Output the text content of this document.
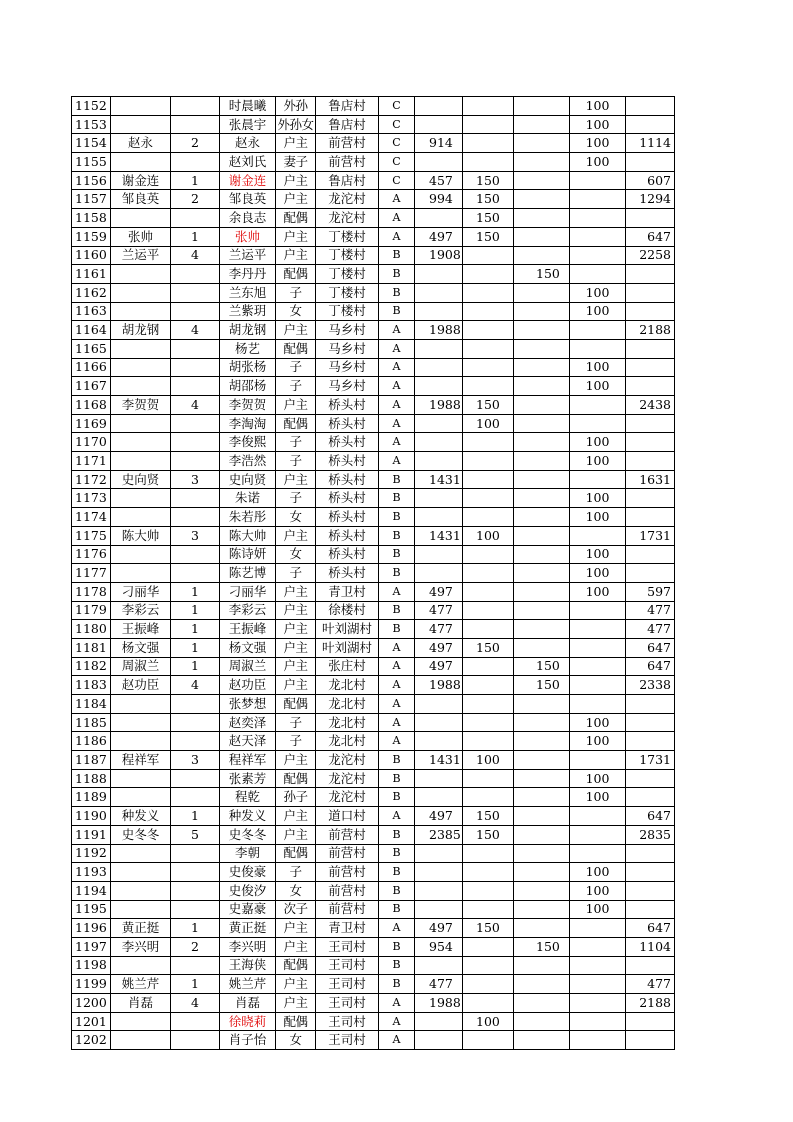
1152			时晨曦	外孙	鲁店村	C				100	
1153			张晨宇	外孙女	鲁店村	C				100	
1154	赵永	2	赵永	户主	前营村	C	914			100	1114
1155			赵刘氏	妻子	前营村	C				100	
1156	谢金连	1	谢金连	户主	鲁店村	C	457	150			607
1157	邹良英	2	邹良英	户主	龙沱村	A	994	150			1294
1158			余良志	配偶	龙沱村	A		150			
1159	张帅	1	张帅	户主	丁楼村	A	497	150			647
1160	兰运平	4	兰运平	户主	丁楼村	B	1908				2258
1161			李丹丹	配偶	丁楼村	B			150		
1162			兰东旭	子	丁楼村	B				100	
1163			兰紫玥	女	丁楼村	B				100	
1164	胡龙钢	4	胡龙钢	户主	马乡村	A	1988				2188
1165			杨艺	配偶	马乡村	A					
1166			胡张杨	子	马乡村	A				100	
1167			胡邵杨	子	马乡村	A				100	
1168	李贺贺	4	李贺贺	户主	桥头村	A	1988	150			2438
1169			李淘淘	配偶	桥头村	A		100			
1170			李俊熙	子	桥头村	A				100	
1171			李浩然	子	桥头村	A				100	
1172	史向贤	3	史向贤	户主	桥头村	B	1431				1631
1173			朱诺	子	桥头村	B				100	
1174			朱若彤	女	桥头村	B				100	
1175	陈大帅	3	陈大帅	户主	桥头村	B	1431	100			1731
1176			陈诗妍	女	桥头村	B				100	
1177			陈艺博	子	桥头村	B				100	
1178	刁丽华	1	刁丽华	户主	青卫村	A	497			100	597
1179	李彩云	1	李彩云	户主	徐楼村	B	477				477
1180	王振峰	1	王振峰	户主	叶刘湖村	B	477				477
1181	杨文强	1	杨文强	户主	叶刘湖村	A	497	150			647
1182	周淑兰	1	周淑兰	户主	张庄村	A	497		150		647
1183	赵功臣	4	赵功臣	户主	龙北村	A	1988		150		2338
1184			张梦想	配偶	龙北村	A					
1185			赵奕泽	子	龙北村	A				100	
1186			赵天泽	子	龙北村	A				100	
1187	程祥军	3	程祥军	户主	龙沱村	B	1431	100			1731
1188			张素芳	配偶	龙沱村	B				100	
1189			程乾	孙子	龙沱村	B				100	
1190	种发义	1	种发义	户主	道口村	A	497	150			647
1191	史冬冬	5	史冬冬	户主	前营村	B	2385	150			2835
1192			李朝	配偶	前营村	B					
1193			史俊豪	子	前营村	B				100	
1194			史俊汐	女	前营村	B				100	
1195			史嘉豪	次子	前营村	B				100	
1196	黄正挺	1	黄正挺	户主	青卫村	A	497	150			647
1197	李兴明	2	李兴明	户主	王司村	B	954		150		1104
1198			王海侠	配偶	王司村	B					
1199	姚兰芹	1	姚兰芹	户主	王司村	B	477				477
1200	肖磊	4	肖磊	户主	王司村	A	1988				2188
1201			徐晓莉	配偶	王司村	A		100			
1202			肖子怡	女	王司村	A					
